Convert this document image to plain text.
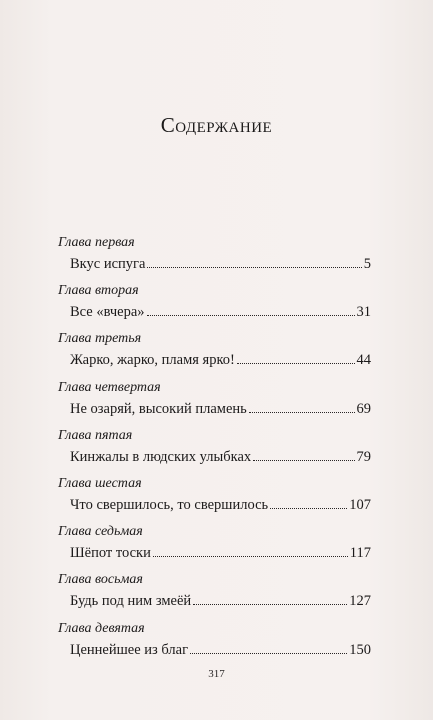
Содержание
Глава первая
Вкус испуга	5
Глава вторая
Все «вчера»	31
Глава третья
Жарко, жарко, пламя ярко!	44
Глава четвертая
Не озаряй, высокий пламень	69
Глава пятая
Кинжалы в людских улыбках	79
Глава шестая
Что свершилось, то свершилось	107
Глава седьмая
Шёпот тоски	117
Глава восьмая
Будь под ним змеёй	127
Глава девятая
Ценнейшее из благ	150
317
